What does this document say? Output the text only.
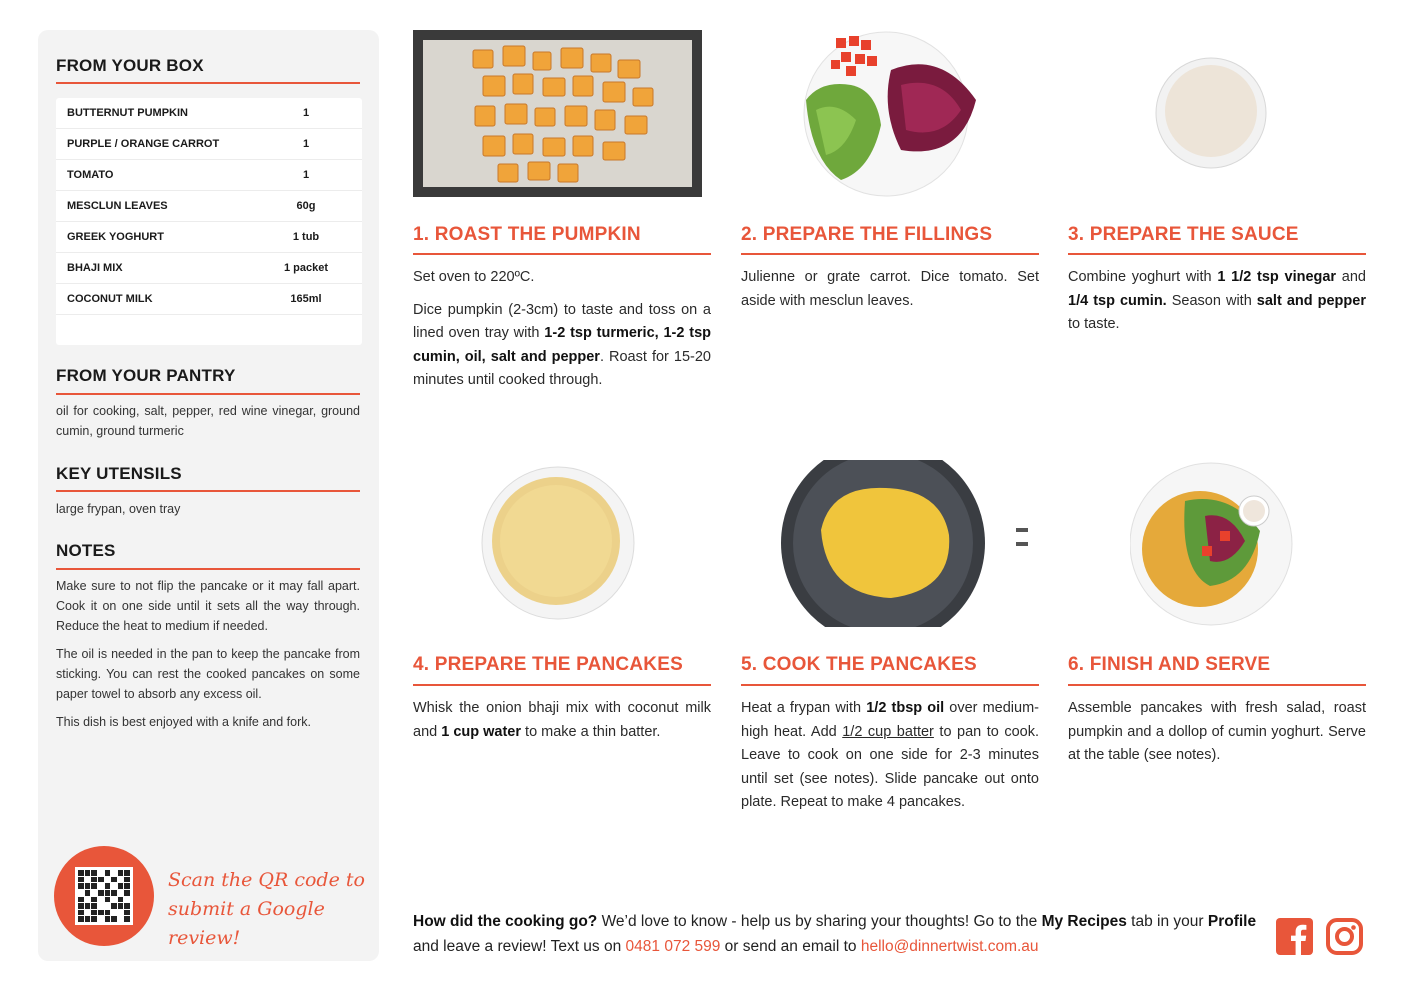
FROM YOUR BOX
BUTTERNUT PUMPKIN	1
PURPLE / ORANGE CARROT	1
TOMATO	1
MESCLUN LEAVES	60g
GREEK YOGHURT	1 tub
BHAJI MIX	1 packet
COCONUT MILK	165ml
FROM YOUR PANTRY
oil for cooking, salt, pepper, red wine vinegar, ground cumin, ground turmeric
KEY UTENSILS
large frypan, oven tray
NOTES

Make sure to not flip the pancake or it may fall apart. Cook it on one side until it sets all the way through. Reduce the heat to medium if needed.

The oil is needed in the pan to keep the pancake from sticking. You can rest the cooked pancakes on some paper towel to absorb any excess oil.

This dish is best enjoyed with a knife and fork.

Scan the QR code to
submit a Google review!
1. ROAST THE PUMPKIN

Set oven to 220ºC.

Dice pumpkin (2-3cm) to taste and toss on a lined oven tray with 1-2 tsp turmeric, 1-2 tsp cumin, oil, salt and pepper. Roast for 15-20 minutes until cooked through.

2. PREPARE THE FILLINGS

Julienne or grate carrot. Dice tomato. Set aside with mesclun leaves.

3. PREPARE THE SAUCE

Combine yoghurt with 1 1/2 tsp vinegar and 1/4 tsp cumin. Season with salt and pepper to taste.

4. PREPARE THE PANCAKES

Whisk the onion bhaji mix with coconut milk and 1 cup water to make a thin batter.

5. COOK THE PANCAKES

Heat a frypan with 1/2 tbsp oil over medium-high heat. Add 1/2 cup batter to pan to cook. Leave to cook on one side for 2-3 minutes until set (see notes). Slide pancake out onto plate. Repeat to make 4 pancakes.

6. FINISH AND SERVE

Assemble pancakes with fresh salad, roast pumpkin and a dollop of cumin yoghurt. Serve at the table (see notes).

How did the cooking go? We’d love to know - help us by sharing your thoughts! Go to the My Recipes tab in your Profile and leave a review! Text us on 0481 072 599 or send an email to hello@dinnertwist.com.au
